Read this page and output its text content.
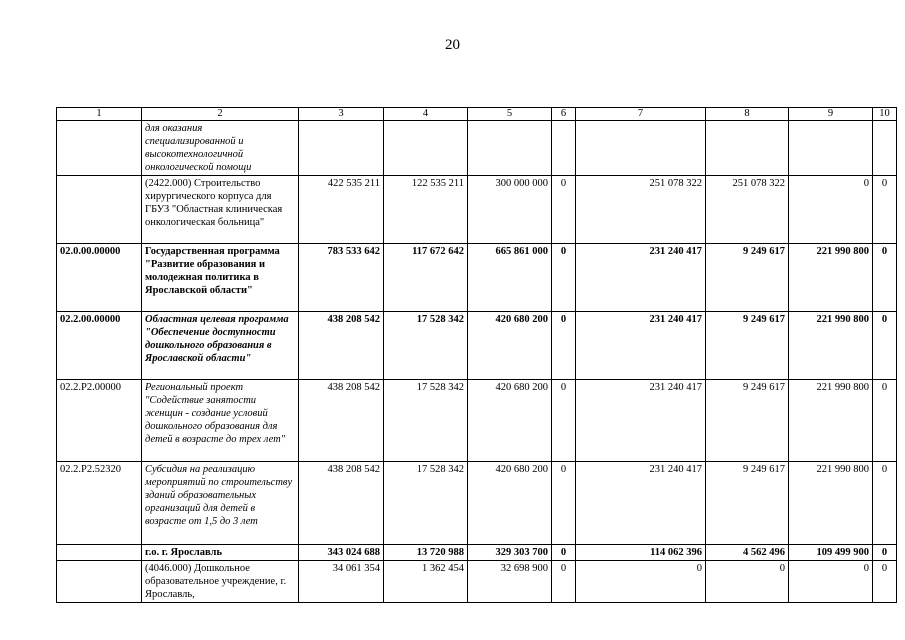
20
1	2	3	4	5	6	7	8	9	10
	для оказания специализированной и высокотехнологичной онкологической помощи								
	(2422.000) Строительство хирургического корпуса для ГБУЗ "Областная клиническая онкологическая больница"	422 535 211	122 535 211	300 000 000	0	251 078 322	251 078 322	0	0
02.0.00.00000	Государственная программа "Развитие образования и молодежная политика в Ярославской области"	783 533 642	117 672 642	665 861 000	0	231 240 417	9 249 617	221 990 800	0
02.2.00.00000	Областная целевая программа "Обеспечение доступности дошкольного образования в Ярославской области"	438 208 542	17 528 342	420 680 200	0	231 240 417	9 249 617	221 990 800	0
02.2.P2.00000	Региональный проект "Содействие занятости женщин - создание условий дошкольного образования для детей в возрасте до трех лет"	438 208 542	17 528 342	420 680 200	0	231 240 417	9 249 617	221 990 800	0
02.2.P2.52320	Субсидия на реализацию мероприятий по строительству зданий образовательных организаций для детей в возрасте от 1,5 до 3 лет	438 208 542	17 528 342	420 680 200	0	231 240 417	9 249 617	221 990 800	0
	г.о. г. Ярославль	343 024 688	13 720 988	329 303 700	0	114 062 396	4 562 496	109 499 900	0
	(4046.000) Дошкольное образовательное учреждение, г. Ярославль,	34 061 354	1 362 454	32 698 900	0	0	0	0	0
